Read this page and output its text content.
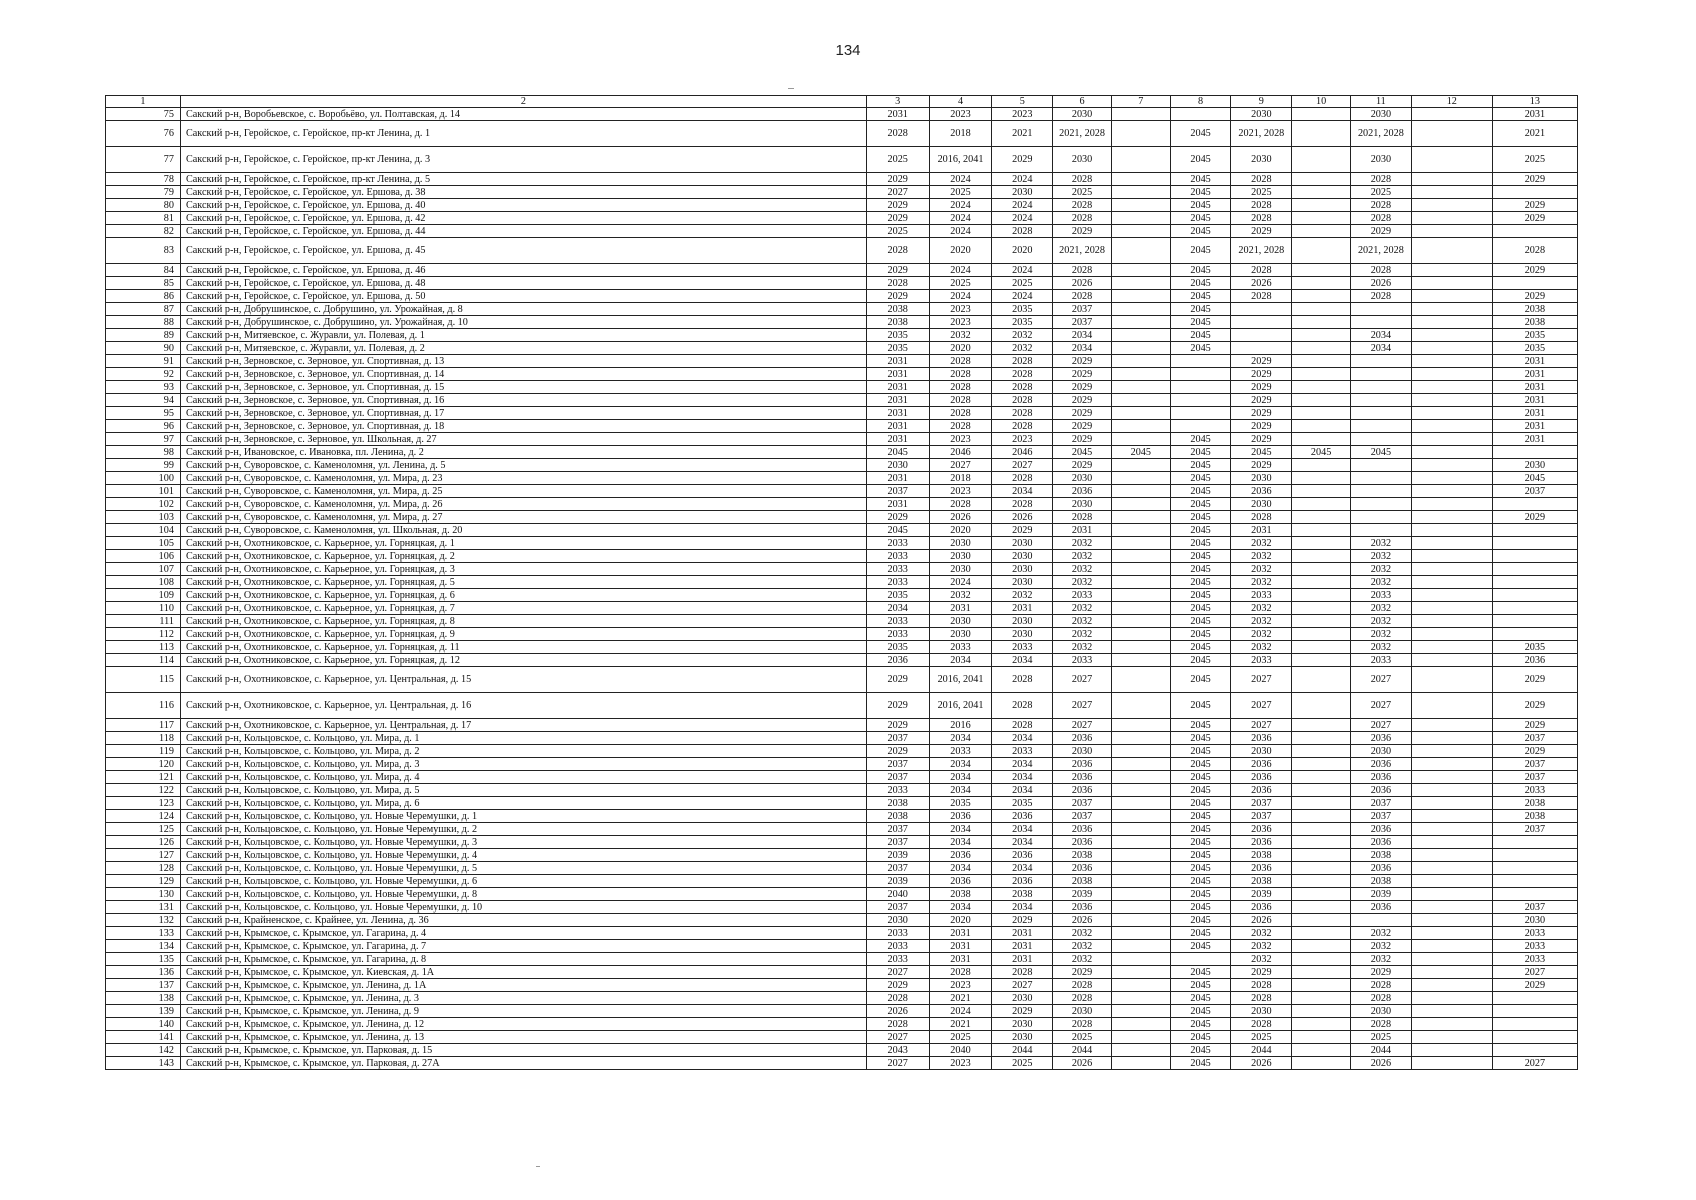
134
1	2	3	4	5	6	7	8	9	10	11	12	13
75	Сакский р-н, Воробьевское, с. Воробьёво, ул. Полтавская, д. 14	2031	2023	2023	2030			2030		2030		2031
76	Сакский р-н, Геройское, с. Геройское, пр-кт Ленина, д. 1	2028	2018	2021	2021, 2028		2045	2021, 2028		2021, 2028		2021
77	Сакский р-н, Геройское, с. Геройское, пр-кт Ленина, д. 3	2025	2016, 2041	2029	2030		2045	2030		2030		2025
78	Сакский р-н, Геройское, с. Геройское, пр-кт Ленина, д. 5	2029	2024	2024	2028		2045	2028		2028		2029
79	Сакский р-н, Геройское, с. Геройское, ул. Ершова, д. 38	2027	2025	2030	2025		2045	2025		2025		
80	Сакский р-н, Геройское, с. Геройское, ул. Ершова, д. 40	2029	2024	2024	2028		2045	2028		2028		2029
81	Сакский р-н, Геройское, с. Геройское, ул. Ершова, д. 42	2029	2024	2024	2028		2045	2028		2028		2029
82	Сакский р-н, Геройское, с. Геройское, ул. Ершова, д. 44	2025	2024	2028	2029		2045	2029		2029		
83	Сакский р-н, Геройское, с. Геройское, ул. Ершова, д. 45	2028	2020	2020	2021, 2028		2045	2021, 2028		2021, 2028		2028
84	Сакский р-н, Геройское, с. Геройское, ул. Ершова, д. 46	2029	2024	2024	2028		2045	2028		2028		2029
85	Сакский р-н, Геройское, с. Геройское, ул. Ершова, д. 48	2028	2025	2025	2026		2045	2026		2026		
86	Сакский р-н, Геройское, с. Геройское, ул. Ершова, д. 50	2029	2024	2024	2028		2045	2028		2028		2029
87	Сакский р-н, Добрушинское, с. Добрушино, ул. Урожайная, д. 8	2038	2023	2035	2037		2045					2038
88	Сакский р-н, Добрушинское, с. Добрушино, ул. Урожайная, д. 10	2038	2023	2035	2037		2045					2038
89	Сакский р-н, Митяевское, с. Журавли, ул. Полевая, д. 1	2035	2032	2032	2034		2045			2034		2035
90	Сакский р-н, Митяевское, с. Журавли, ул. Полевая, д. 2	2035	2020	2032	2034		2045			2034		2035
91	Сакский р-н, Зерновское, с. Зерновое, ул. Спортивная, д. 13	2031	2028	2028	2029			2029				2031
92	Сакский р-н, Зерновское, с. Зерновое, ул. Спортивная, д. 14	2031	2028	2028	2029			2029				2031
93	Сакский р-н, Зерновское, с. Зерновое, ул. Спортивная, д. 15	2031	2028	2028	2029			2029				2031
94	Сакский р-н, Зерновское, с. Зерновое, ул. Спортивная, д. 16	2031	2028	2028	2029			2029				2031
95	Сакский р-н, Зерновское, с. Зерновое, ул. Спортивная, д. 17	2031	2028	2028	2029			2029				2031
96	Сакский р-н, Зерновское, с. Зерновое, ул. Спортивная, д. 18	2031	2028	2028	2029			2029				2031
97	Сакский р-н, Зерновское, с. Зерновое, ул. Школьная, д. 27	2031	2023	2023	2029		2045	2029				2031
98	Сакский р-н, Ивановское, с. Ивановка, пл. Ленина, д. 2	2045	2046	2046	2045	2045	2045	2045	2045	2045		
99	Сакский р-н, Суворовское, с. Каменоломня, ул. Ленина, д. 5	2030	2027	2027	2029		2045	2029				2030
100	Сакский р-н, Суворовское, с. Каменоломня, ул. Мира, д. 23	2031	2018	2028	2030		2045	2030				2045
101	Сакский р-н, Суворовское, с. Каменоломня, ул. Мира, д. 25	2037	2023	2034	2036		2045	2036				2037
102	Сакский р-н, Суворовское, с. Каменоломня, ул. Мира, д. 26	2031	2028	2028	2030		2045	2030				
103	Сакский р-н, Суворовское, с. Каменоломня, ул. Мира, д. 27	2029	2026	2026	2028		2045	2028				2029
104	Сакский р-н, Суворовское, с. Каменоломня, ул. Школьная, д. 20	2045	2020	2029	2031		2045	2031				
105	Сакский р-н, Охотниковское, с. Карьерное, ул. Горняцкая, д. 1	2033	2030	2030	2032		2045	2032		2032		
106	Сакский р-н, Охотниковское, с. Карьерное, ул. Горняцкая, д. 2	2033	2030	2030	2032		2045	2032		2032		
107	Сакский р-н, Охотниковское, с. Карьерное, ул. Горняцкая, д. 3	2033	2030	2030	2032		2045	2032		2032		
108	Сакский р-н, Охотниковское, с. Карьерное, ул. Горняцкая, д. 5	2033	2024	2030	2032		2045	2032		2032		
109	Сакский р-н, Охотниковское, с. Карьерное, ул. Горняцкая, д. 6	2035	2032	2032	2033		2045	2033		2033		
110	Сакский р-н, Охотниковское, с. Карьерное, ул. Горняцкая, д. 7	2034	2031	2031	2032		2045	2032		2032		
111	Сакский р-н, Охотниковское, с. Карьерное, ул. Горняцкая, д. 8	2033	2030	2030	2032		2045	2032		2032		
112	Сакский р-н, Охотниковское, с. Карьерное, ул. Горняцкая, д. 9	2033	2030	2030	2032		2045	2032		2032		
113	Сакский р-н, Охотниковское, с. Карьерное, ул. Горняцкая, д. 11	2035	2033	2033	2032		2045	2032		2032		2035
114	Сакский р-н, Охотниковское, с. Карьерное, ул. Горняцкая, д. 12	2036	2034	2034	2033		2045	2033		2033		2036
115	Сакский р-н, Охотниковское, с. Карьерное, ул. Центральная, д. 15	2029	2016, 2041	2028	2027		2045	2027		2027		2029
116	Сакский р-н, Охотниковское, с. Карьерное, ул. Центральная, д. 16	2029	2016, 2041	2028	2027		2045	2027		2027		2029
117	Сакский р-н, Охотниковское, с. Карьерное, ул. Центральная, д. 17	2029	2016	2028	2027		2045	2027		2027		2029
118	Сакский р-н, Кольцовское, с. Кольцово, ул. Мира, д. 1	2037	2034	2034	2036		2045	2036		2036		2037
119	Сакский р-н, Кольцовское, с. Кольцово, ул. Мира, д. 2	2029	2033	2033	2030		2045	2030		2030		2029
120	Сакский р-н, Кольцовское, с. Кольцово, ул. Мира, д. 3	2037	2034	2034	2036		2045	2036		2036		2037
121	Сакский р-н, Кольцовское, с. Кольцово, ул. Мира, д. 4	2037	2034	2034	2036		2045	2036		2036		2037
122	Сакский р-н, Кольцовское, с. Кольцово, ул. Мира, д. 5	2033	2034	2034	2036		2045	2036		2036		2033
123	Сакский р-н, Кольцовское, с. Кольцово, ул. Мира, д. 6	2038	2035	2035	2037		2045	2037		2037		2038
124	Сакский р-н, Кольцовское, с. Кольцово, ул. Новые Черемушки, д. 1	2038	2036	2036	2037		2045	2037		2037		2038
125	Сакский р-н, Кольцовское, с. Кольцово, ул. Новые Черемушки, д. 2	2037	2034	2034	2036		2045	2036		2036		2037
126	Сакский р-н, Кольцовское, с. Кольцово, ул. Новые Черемушки, д. 3	2037	2034	2034	2036		2045	2036		2036		
127	Сакский р-н, Кольцовское, с. Кольцово, ул. Новые Черемушки, д. 4	2039	2036	2036	2038		2045	2038		2038		
128	Сакский р-н, Кольцовское, с. Кольцово, ул. Новые Черемушки, д. 5	2037	2034	2034	2036		2045	2036		2036		
129	Сакский р-н, Кольцовское, с. Кольцово, ул. Новые Черемушки, д. 6	2039	2036	2036	2038		2045	2038		2038		
130	Сакский р-н, Кольцовское, с. Кольцово, ул. Новые Черемушки, д. 8	2040	2038	2038	2039		2045	2039		2039		
131	Сакский р-н, Кольцовское, с. Кольцово, ул. Новые Черемушки, д. 10	2037	2034	2034	2036		2045	2036		2036		2037
132	Сакский р-н, Крайненское, с. Крайнее, ул. Ленина, д. 36	2030	2020	2029	2026		2045	2026				2030
133	Сакский р-н, Крымское, с. Крымское, ул. Гагарина, д. 4	2033	2031	2031	2032		2045	2032		2032		2033
134	Сакский р-н, Крымское, с. Крымское, ул. Гагарина, д. 7	2033	2031	2031	2032		2045	2032		2032		2033
135	Сакский р-н, Крымское, с. Крымское, ул. Гагарина, д. 8	2033	2031	2031	2032			2032		2032		2033
136	Сакский р-н, Крымское, с. Крымское, ул. Киевская, д. 1А	2027	2028	2028	2029		2045	2029		2029		2027
137	Сакский р-н, Крымское, с. Крымское, ул. Ленина, д. 1А	2029	2023	2027	2028		2045	2028		2028		2029
138	Сакский р-н, Крымское, с. Крымское, ул. Ленина, д. 3	2028	2021	2030	2028		2045	2028		2028		
139	Сакский р-н, Крымское, с. Крымское, ул. Ленина, д. 9	2026	2024	2029	2030		2045	2030		2030		
140	Сакский р-н, Крымское, с. Крымское, ул. Ленина, д. 12	2028	2021	2030	2028		2045	2028		2028		
141	Сакский р-н, Крымское, с. Крымское, ул. Ленина, д. 13	2027	2025	2030	2025		2045	2025		2025		
142	Сакский р-н, Крымское, с. Крымское, ул. Парковая, д. 15	2043	2040	2044	2044		2045	2044		2044		
143	Сакский р-н, Крымское, с. Крымское, ул. Парковая, д. 27А	2027	2023	2025	2026		2045	2026		2026		2027
